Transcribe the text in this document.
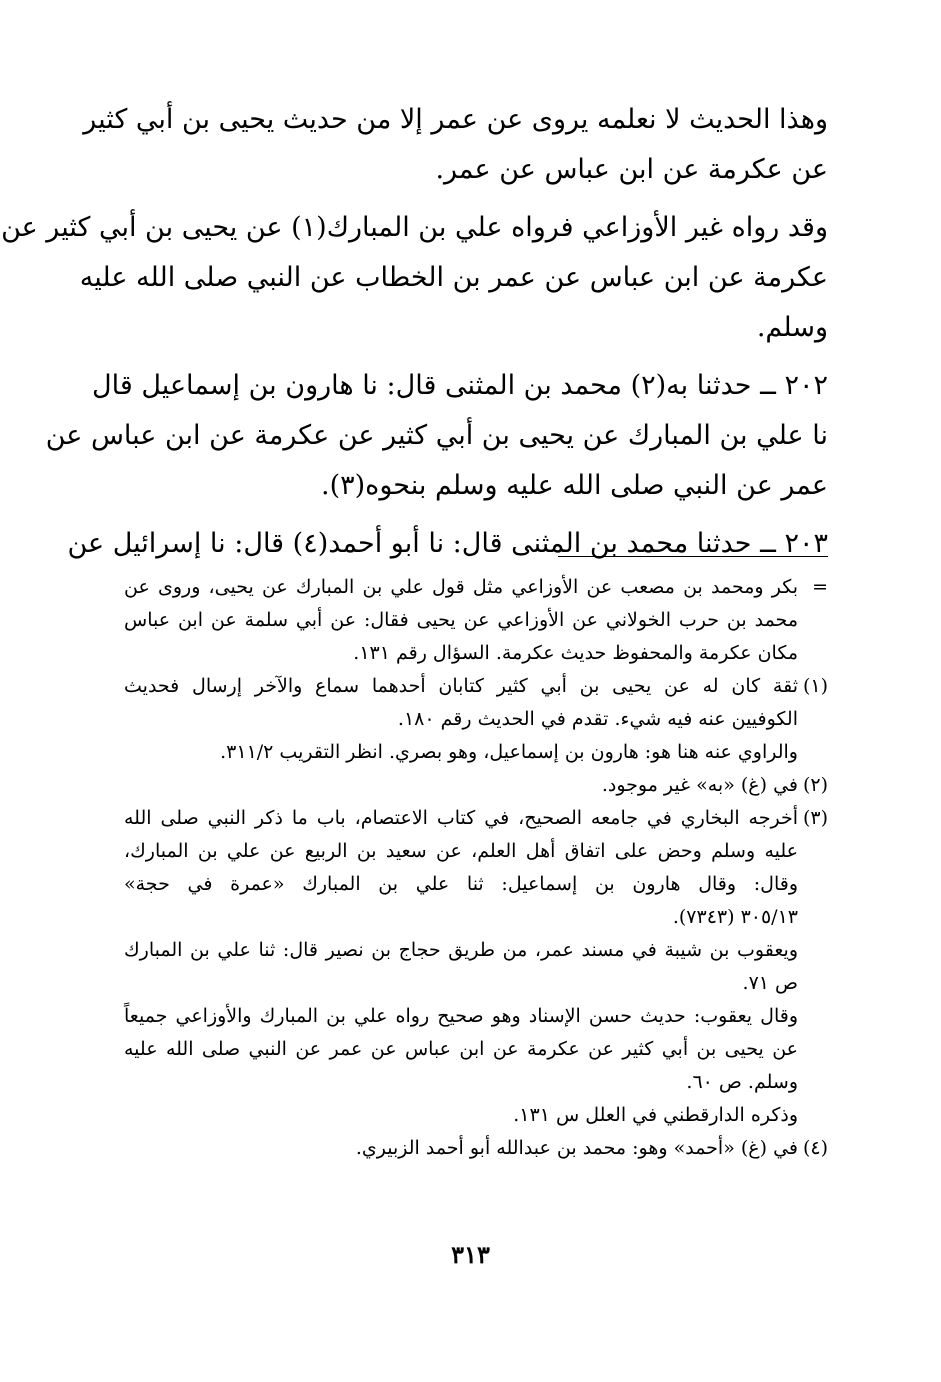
وهذا الحديث لا نعلمه يروى عن عمر إلا من حديث يحيى بن أبي كثير
عن عكرمة عن ابن عباس عن عمر.
وقد رواه غير الأوزاعي فرواه علي بن المبارك(١) عن يحيى بن أبي كثير عن
عكرمة عن ابن عباس عن عمر بن الخطاب عن النبي صلى الله عليه
وسلم.
٢٠٢ ــ حدثنا به(٢) محمد بن المثنى قال: نا هارون بن إسماعيل قال
نا علي بن المبارك عن يحيى بن أبي كثير عن عكرمة عن ابن عباس عن
عمر عن النبي صلى الله عليه وسلم بنحوه(٣).
٢٠٣ ــ حدثنا محمد بن المثنى قال: نا أبو أحمد(٤) قال: نا إسرائيل عن
=بكر ومحمد بن مصعب عن الأوزاعي مثل قول علي بن المبارك عن يحيى، وروى عن
محمد بن حرب الخولاني عن الأوزاعي عن يحيى فقال: عن أبي سلمة عن ابن عباس
مكان عكرمة والمحفوظ حديث عكرمة. السؤال رقم ١٣١.
(١)ثقة كان له عن يحيى بن أبي كثير كتابان أحدهما سماع والآخر إرسال فحديث
الكوفيين عنه فيه شيء. تقدم في الحديث رقم ١٨٠.
والراوي عنه هنا هو: هارون بن إسماعيل، وهو بصري. انظر التقريب ٣١١/٢.
(٢)في (غ) «به» غير موجود.
(٣)أخرجه البخاري في جامعه الصحيح، في كتاب الاعتصام، باب ما ذكر النبي صلى الله
عليه وسلم وحض على اتفاق أهل العلم، عن سعيد بن الربيع عن علي بن المبارك،
وقال: وقال هارون بن إسماعيل: ثنا علي بن المبارك «عمرة في حجة»
٣٠٥/١٣ (٧٣٤٣).
ويعقوب بن شيبة في مسند عمر، من طريق حجاج بن نصير قال: ثنا علي بن المبارك
ص ٧١.
وقال يعقوب: حديث حسن الإسناد وهو صحيح رواه علي بن المبارك والأوزاعي جميعاً
عن يحيى بن أبي كثير عن عكرمة عن ابن عباس عن عمر عن النبي صلى الله عليه
وسلم. ص ٦٠.
وذكره الدارقطني في العلل س ١٣١.
(٤)في (غ) «أحمد» وهو: محمد بن عبدالله أبو أحمد الزبيري.
٣١٣
